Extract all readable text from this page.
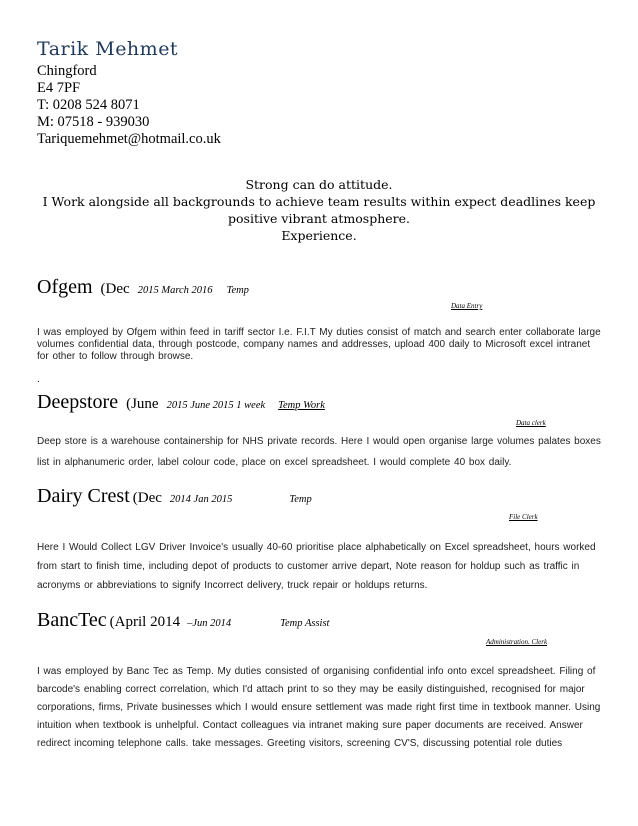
Tarik Mehmet
Chingford
E4 7PF
T: 0208 524 8071
M: 07518 - 939030
Tariquemehmet@hotmail.co.uk
Strong can do attitude.
I Work alongside all backgrounds to achieve team results within expect deadlines keep
positive vibrant atmosphere.
Experience.
Ofgem (Dec 2015 March 2016 Temp
Data Entry
I was employed by Ofgem within feed in tariff sector I.e. F.I.T My duties consist of match and search enter collaborate large volumes confidential data, through postcode, company names and addresses, upload 400 daily to Microsoft excel intranet for other to follow through browse.
.
Deepstore (June 2015 June 2015 1 week Temp Work
Data clerk
Deep store is a warehouse containership for NHS private records. Here I would open organise large volumes palates boxes list in alphanumeric order, label colour code, place on excel spreadsheet. I would complete 40 box daily.
Dairy Crest (Dec 2014 Jan 2015	Temp
File Clerk
Here I Would Collect LGV Driver Invoice's usually 40-60 prioritise place alphabetically on Excel spreadsheet, hours worked from start to finish time, including depot of products to customer arrive depart, Note reason for holdup such as traffic in acronyms or abbreviations to signify Incorrect delivery, truck repair or holdups returns.
BancTec (April 2014 –Jun 2014	Temp Assist
Administration. Clerk
I was employed by Banc Tec as Temp. My duties consisted of organising confidential info onto excel spreadsheet. Filing of barcode's enabling correct correlation, which I'd attach print to so they may be easily distinguished, recognised for major corporations, firms, Private businesses which I would ensure settlement was made right first time in textbook manner. Using intuition when textbook is unhelpful. Contact colleagues via intranet making sure paper documents are received. Answer redirect incoming telephone calls. take messages. Greeting visitors, screening CV'S, discussing potential role duties
